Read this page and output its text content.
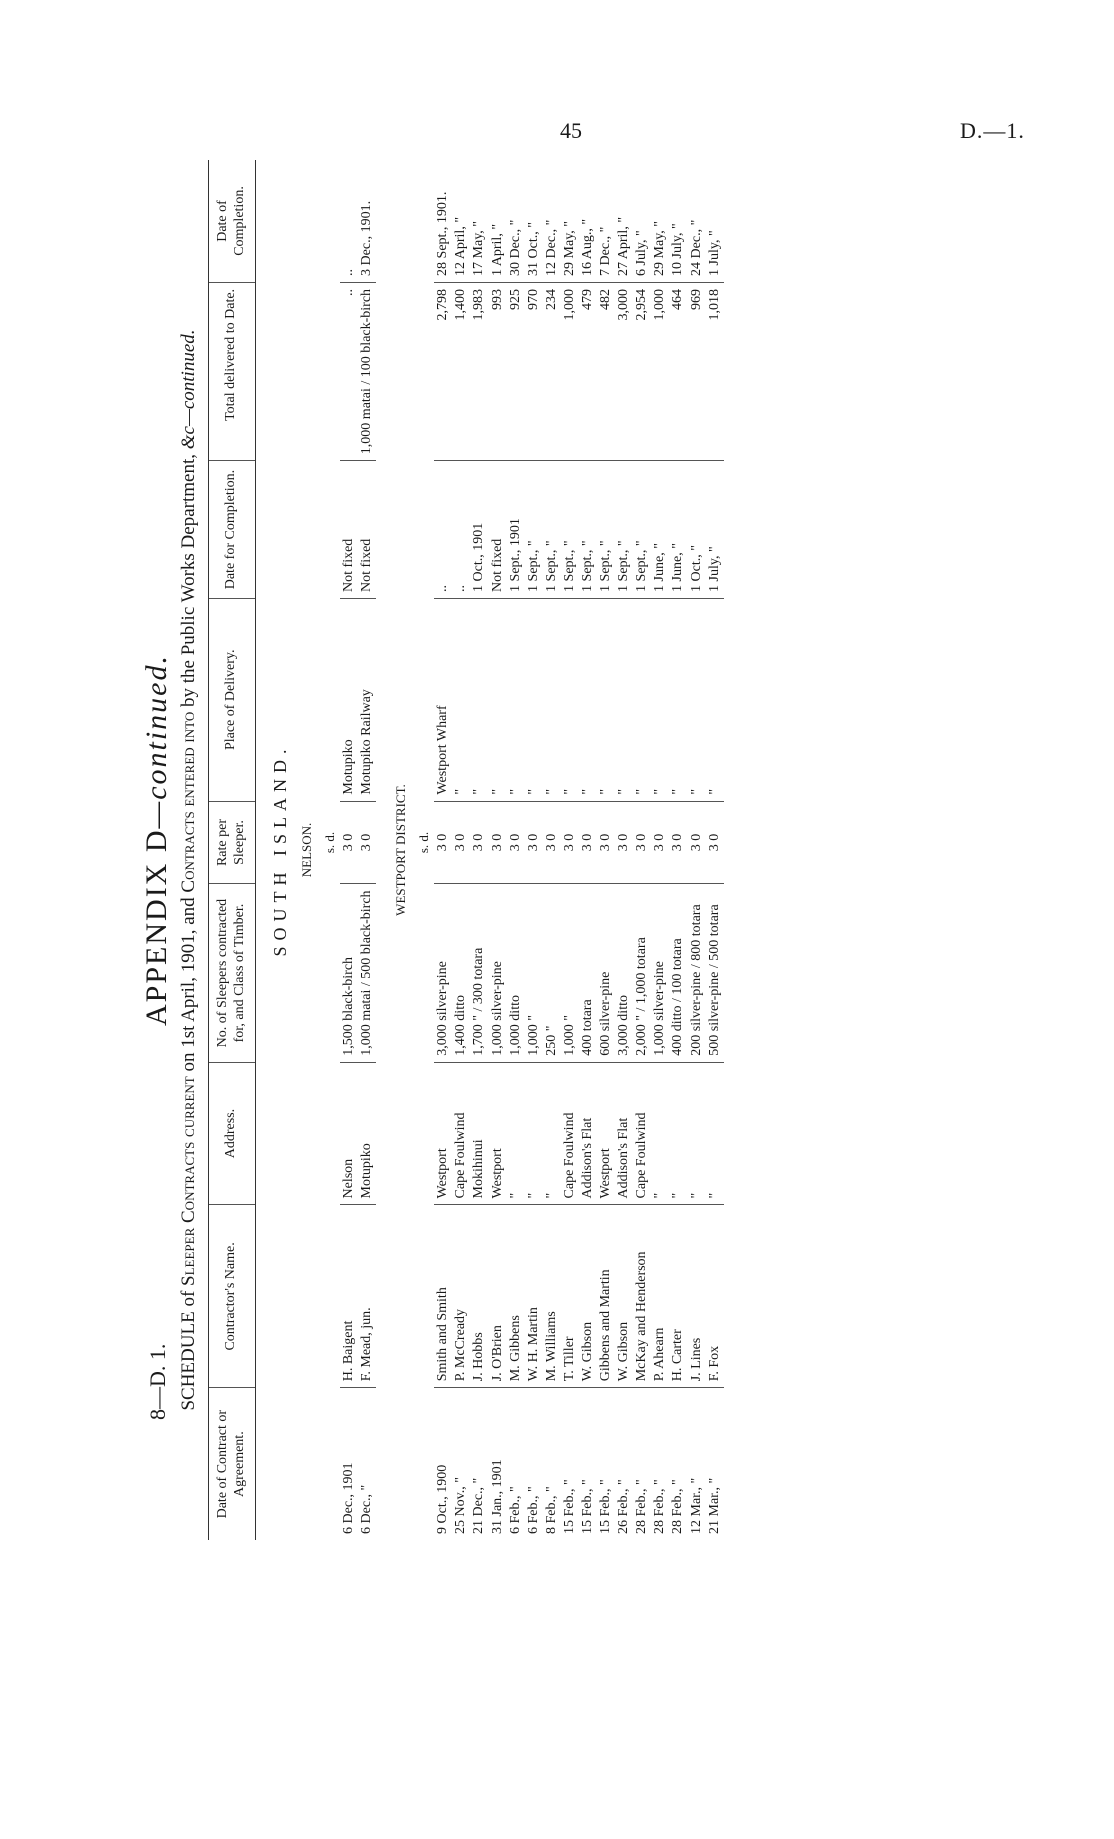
45	D.—1.
8—D. 1.
APPENDIX D—continued.
SCHEDULE of Sleeper Contracts current on 1st April, 1901, and Contracts entered into by the Public Works Department, &c—continued.
Date of Contract or Agreement.	Contractor's Name.	Address.	No. of Sleepers contracted for, and Class of Timber.	Rate per Sleeper.	Place of Delivery.	Date for Completion.	Total delivered to Date.	Date of Completion.
SOUTH ISLAND.								
NELSON.								
				s. d.				
6 Dec., 1901	H. Baigent	Nelson	1,500 black-birch	3 0	Motupiko	Not fixed	..	..
6 Dec., "	F. Mead, jun.	Motupiko	1,000 matai / 500 black-birch	3 0	Motupiko Railway	Not fixed	1,000 matai / 100 black-birch	3 Dec., 1901.

WESTPORT DISTRICT.								
				s. d.				
9 Oct., 1900	Smith and Smith	Westport	3,000 silver-pine	3 0	Westport Wharf	..	2,798	28 Sept., 1901.
25 Nov., "	P. McCready	Cape Foulwind	1,400 ditto	3 0	"	..	1,400	12 April, "
21 Dec., "	J. Hobbs	Mokihinui	1,700 " / 300 totara	3 0	"	1 Oct., 1901	1,983	17 May, "
31 Jan., 1901	J. O'Brien	Westport	1,000 silver-pine	3 0	"	Not fixed	993	1 April, "
6 Feb., "	M. Gibbens	"	1,000 ditto	3 0	"	1 Sept., 1901	925	30 Dec., "
6 Feb., "	W. H. Martin	"	1,000 "	3 0	"	1 Sept., "	970	31 Oct., "
8 Feb., "	M. Williams	"	250 "	3 0	"	1 Sept., "	234	12 Dec., "
15 Feb., "	T. Tiller	Cape Foulwind	1,000 "	3 0	"	1 Sept., "	1,000	29 May, "
15 Feb., "	W. Gibson	Addison's Flat	400 totara	3 0	"	1 Sept., "	479	16 Aug., "
15 Feb., "	Gibbens and Martin	Westport	600 silver-pine	3 0	"	1 Sept., "	482	7 Dec., "
26 Feb., "	W. Gibson	Addison's Flat	3,000 ditto	3 0	"	1 Sept., "	3,000	27 April, "
28 Feb., "	McKay and Henderson	Cape Foulwind	2,000 " / 1,000 totara	3 0	"	1 Sept., "	2,954	6 July, "
28 Feb., "	P. Ahearn	"	1,000 silver-pine	3 0	"	1 June, "	1,000	29 May, "
28 Feb., "	H. Carter	"	400 ditto / 100 totara	3 0	"	1 June, "	464	10 July, "
12 Mar., "	J. Lines	"	200 silver-pine / 800 totara	3 0	"	1 Oct., "	969	24 Dec., "
21 Mar., "	F. Fox	"	500 silver-pine / 500 totara	3 0	"	1 July, "	1,018	1 July, "
